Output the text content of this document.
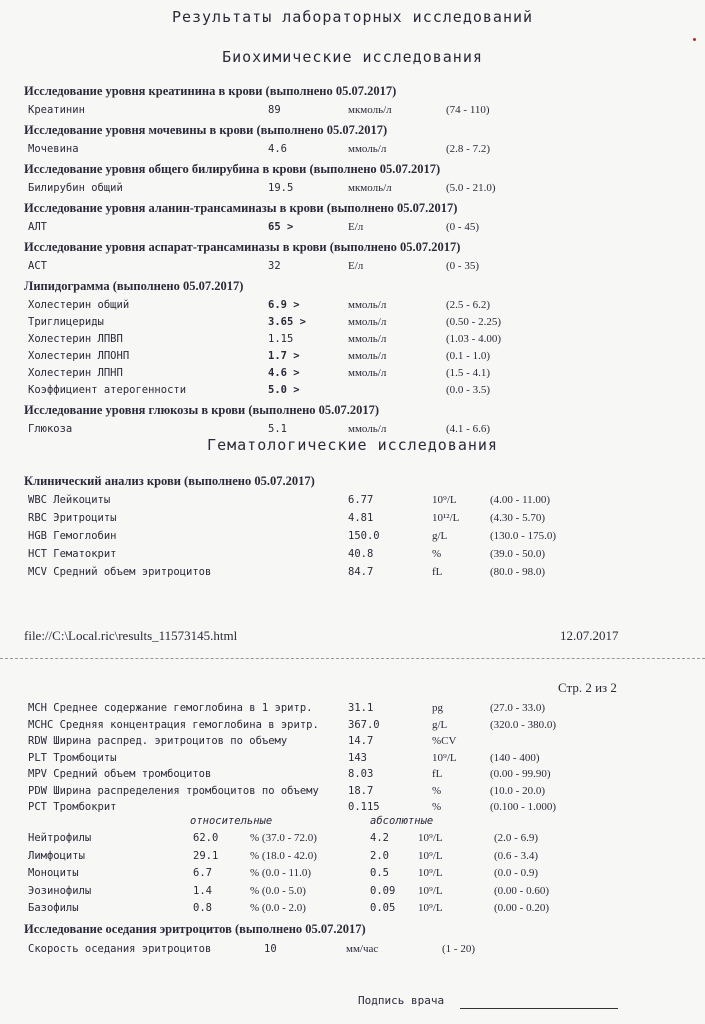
Результаты лабораторных исследований
Биохимические исследования
Исследование уровня креатинина в крови (выполнено 05.07.2017)
Креатинин	89	мкмоль/л	(74 - 110)
Исследование уровня мочевины в крови (выполнено 05.07.2017)
Мочевина	4.6	ммоль/л	(2.8 - 7.2)
Исследование уровня общего билирубина в крови (выполнено 05.07.2017)
Билирубин общий	19.5	мкмоль/л	(5.0 - 21.0)
Исследование уровня аланин-трансаминазы в крови (выполнено 05.07.2017)
АЛТ	65 >	Е/л	(0 - 45)
Исследование уровня аспарат-трансаминазы в крови (выполнено 05.07.2017)
АСТ	32	Е/л	(0 - 35)
Липидограмма (выполнено 05.07.2017)
Холестерин общий	6.9 >	ммоль/л	(2.5 - 6.2)
Триглицериды	3.65 >	ммоль/л	(0.50 - 2.25)
Холестерин ЛПВП	1.15	ммоль/л	(1.03 - 4.00)
Холестерин ЛПОНП	1.7 >	ммоль/л	(0.1 - 1.0)
Холестерин ЛПНП	4.6 >	ммоль/л	(1.5 - 4.1)
Коэффициент атерогенности	5.0 >	(0.0 - 3.5)
Исследование уровня глюкозы в крови (выполнено 05.07.2017)
Глюкоза	5.1	ммоль/л	(4.1 - 6.6)
Гематологические исследования
Клинический анализ крови (выполнено 05.07.2017)
WBC Лейкоциты	6.77	10⁹/L	(4.00 - 11.00)
RBC Эритроциты	4.81	10¹²/L	(4.30 - 5.70)
HGB Гемоглобин	150.0	g/L	(130.0 - 175.0)
HCT Гематокрит	40.8	%	(39.0 - 50.0)
MCV Средний объем эритроцитов	84.7	fL	(80.0 - 98.0)
file://C:\Local.ric\results_11573145.html	12.07.2017
Стр. 2 из 2
MCH Среднее содержание гемоглобина в 1 эритр.	31.1	pg	(27.0 - 33.0)
MCHC Средняя концентрация гемоглобина в эритр.	367.0	g/L	(320.0 - 380.0)
RDW Ширина распред. эритроцитов по объему	14.7	%CV
PLT Тромбоциты	143	10⁹/L	(140 - 400)
MPV Средний объем тромбоцитов	8.03	fL	(0.00 - 99.90)
PDW Ширина распределения тромбоцитов по объему	18.7	%	(10.0 - 20.0)
PCT Тромбокрит	0.115	%	(0.100 - 1.000)
относительные	абсолютные
Нейтрофилы	62.0	% (37.0 - 72.0)	4.2	10⁹/L	(2.0 - 6.9)
Лимфоциты	29.1	% (18.0 - 42.0)	2.0	10⁹/L	(0.6 - 3.4)
Моноциты	6.7	% (0.0 - 11.0)	0.5	10⁹/L	(0.0 - 0.9)
Эозинофилы	1.4	% (0.0 - 5.0)	0.09 10⁹/L	(0.00 - 0.60)
Базофилы	0.8	% (0.0 - 2.0)	0.05 10⁹/L	(0.00 - 0.20)
Исследование оседания эритроцитов (выполнено 05.07.2017)
Скорость оседания эритроцитов	10	мм/час	(1 - 20)
Подпись врача
